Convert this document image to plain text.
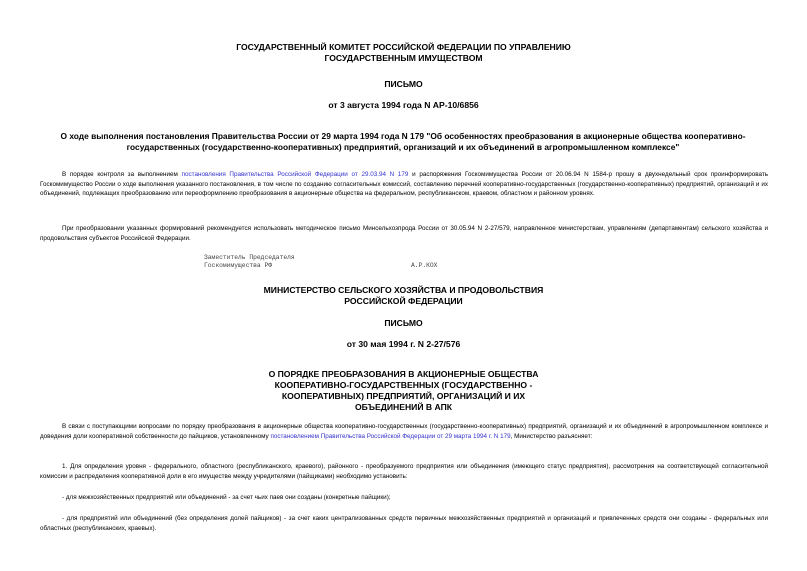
ГОСУДАРСТВЕННЫЙ КОМИТЕТ РОССИЙСКОЙ ФЕДЕРАЦИИ ПО УПРАВЛЕНИЮ
ГОСУДАРСТВЕННЫМ ИМУЩЕСТВОМ
ПИСЬМО
от 3 августа 1994 года N АР-10/6856
О ходе выполнения постановления Правительства России от 29 марта 1994 года N 179 "Об особенностях преобразования в акционерные общества кооперативно-
государственных (государственно-кооперативных) предприятий, организаций и их объединений в агропромышленном комплексе"
В порядке контроля за выполнением постановления Правительства Российской Федерации от 29.03.94 N 179 и распоряжения Госкомимущества России от 20.06.94 N 1584-р прошу в двухнедельный срок проинформировать Госкомимущество России о ходе выполнения указанного постановления, в том числе по созданию согласительных комиссий, составлению перечней кооперативно-государственных (государственно-кооперативных) предприятий, организаций и их объединений, подлежащих преобразованию или переоформлению преобразования в акционерные общества на федеральном, республиканском, краевом, областном и районном уровнях.
При преобразовании указанных формирований рекомендуется использовать методическое письмо Минсельхозпрода России от 30.05.94 N 2-27/579, направленное министерствам, управлениям (департаментам) сельского хозяйства и продовольствия субъектов Российской Федерации.
Заместитель Председателя
Госкомимущества РФ	А.Р.КОХ
МИНИСТЕРСТВО СЕЛЬСКОГО ХОЗЯЙСТВА И ПРОДОВОЛЬСТВИЯ
РОССИЙСКОЙ ФЕДЕРАЦИИ
ПИСЬМО
от 30 мая 1994 г. N 2-27/576
О ПОРЯДКЕ ПРЕОБРАЗОВАНИЯ В АКЦИОНЕРНЫЕ ОБЩЕСТВА
КООПЕРАТИВНО-ГОСУДАРСТВЕННЫХ (ГОСУДАРСТВЕННО -
КООПЕРАТИВНЫХ) ПРЕДПРИЯТИЙ, ОРГАНИЗАЦИЙ И ИХ
ОБЪЕДИНЕНИЙ В АПК
В связи с поступающими вопросами по порядку преобразования в акционерные общества кооперативно-государственных (государственно-кооперативных) предприятий, организаций и их объединений в агропромышленном комплексе и доведения доли кооперативной собственности до пайщиков, установленному постановлением Правительства Российской Федерации от 29 марта 1994 г. N 179, Министерство разъясняет:
1. Для определения уровня - федерального, областного (республиканского, краевого), районного - преобразуемого предприятия или объединения (имеющего статус предприятия), рассмотрения на соответствующей согласительной комиссии и распределения кооперативной доли в его имуществе между учредителями (пайщиками) необходимо установить:
- для межхозяйственных предприятий или объединений - за счет чьих паев они созданы (конкретные пайщики);
- для предприятий или объединений (без определения долей пайщиков) - за счет каких централизованных средств первичных межхозяйственных предприятий и организаций и привлеченных средств они созданы - федеральных или областных (республиканских, краевых).
